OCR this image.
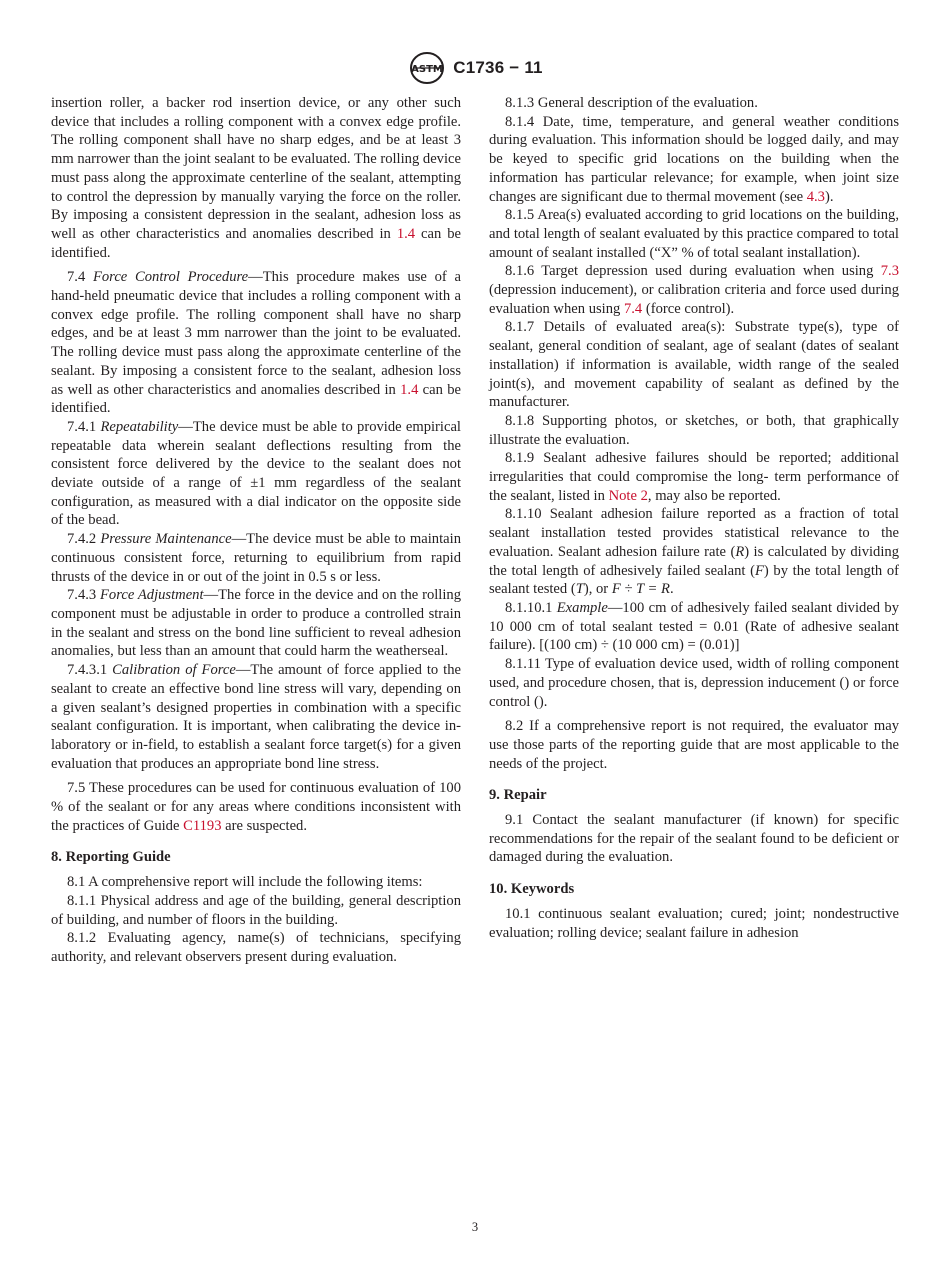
ASTM C1736 − 11

insertion roller, a backer rod insertion device, or any other such device that includes a rolling component with a convex edge profile. The rolling component shall have no sharp edges, and be at least 3 mm narrower than the joint sealant to be evaluated. The rolling device must pass along the approximate centerline of the sealant, attempting to control the depression by manually varying the force on the roller. By imposing a consistent depression in the sealant, adhesion loss as well as other characteristics and anomalies described in 1.4 can be identified.

7.4 Force Control Procedure—This procedure makes use of a hand-held pneumatic device that includes a rolling component with a convex edge profile. The rolling component shall have no sharp edges, and be at least 3 mm narrower than the joint to be evaluated. The rolling device must pass along the approximate centerline of the sealant. By imposing a consistent force to the sealant, adhesion loss as well as other characteristics and anomalies described in 1.4 can be identified.

7.4.1 Repeatability—The device must be able to provide empirical repeatable data wherein sealant deflections resulting from the consistent force delivered by the device to the sealant does not deviate outside of a range of ±1 mm regardless of the sealant configuration, as measured with a dial indicator on the opposite side of the bead.

7.4.2 Pressure Maintenance—The device must be able to maintain continuous consistent force, returning to equilibrium from rapid thrusts of the device in or out of the joint in 0.5 s or less.

7.4.3 Force Adjustment—The force in the device and on the rolling component must be adjustable in order to produce a controlled strain in the sealant and stress on the bond line sufficient to reveal adhesion anomalies, but less than an amount that could harm the weatherseal.

7.4.3.1 Calibration of Force—The amount of force applied to the sealant to create an effective bond line stress will vary, depending on a given sealant’s designed properties in combination with a specific sealant configuration. It is important, when calibrating the device in-laboratory or in-field, to establish a sealant force target(s) for a given evaluation that produces an appropriate bond line stress.

7.5 These procedures can be used for continuous evaluation of 100 % of the sealant or for any areas where conditions inconsistent with the practices of Guide C1193 are suspected.

8. Reporting Guide

8.1 A comprehensive report will include the following items:

8.1.1 Physical address and age of the building, general description of building, and number of floors in the building.

8.1.2 Evaluating agency, name(s) of technicians, specifying authority, and relevant observers present during evaluation.

8.1.3 General description of the evaluation.

8.1.4 Date, time, temperature, and general weather conditions during evaluation. This information should be logged daily, and may be keyed to specific grid locations on the building when the information has particular relevance; for example, when joint size changes are significant due to thermal movement (see 4.3).

8.1.5 Area(s) evaluated according to grid locations on the building, and total length of sealant evaluated by this practice compared to total amount of sealant installed (“X” % of total sealant installation).

8.1.6 Target depression used during evaluation when using 7.3 (depression inducement), or calibration criteria and force used during evaluation when using 7.4 (force control).

8.1.7 Details of evaluated area(s): Substrate type(s), type of sealant, general condition of sealant, age of sealant (dates of sealant installation) if information is available, width range of the sealed joint(s), and movement capability of sealant as defined by the manufacturer.

8.1.8 Supporting photos, or sketches, or both, that graphically illustrate the evaluation.

8.1.9 Sealant adhesive failures should be reported; additional irregularities that could compromise the long- term performance of the sealant, listed in Note 2, may also be reported.

8.1.10 Sealant adhesion failure reported as a fraction of total sealant installation tested provides statistical relevance to the evaluation. Sealant adhesion failure rate (R) is calculated by dividing the total length of adhesively failed sealant (F) by the total length of sealant tested (T), or F ÷ T = R.

8.1.10.1 Example—100 cm of adhesively failed sealant divided by 10 000 cm of total sealant tested = 0.01 (Rate of adhesive sealant failure). [(100 cm) ÷ (10 000 cm) = (0.01)]

8.1.11 Type of evaluation device used, width of rolling component used, and procedure chosen, that is, depression inducement () or force control ().

8.2 If a comprehensive report is not required, the evaluator may use those parts of the reporting guide that are most applicable to the needs of the project.

9. Repair

9.1 Contact the sealant manufacturer (if known) for specific recommendations for the repair of the sealant found to be deficient or damaged during the evaluation.

10. Keywords

10.1 continuous sealant evaluation; cured; joint; nondestructive evaluation; rolling device; sealant failure in adhesion

3
